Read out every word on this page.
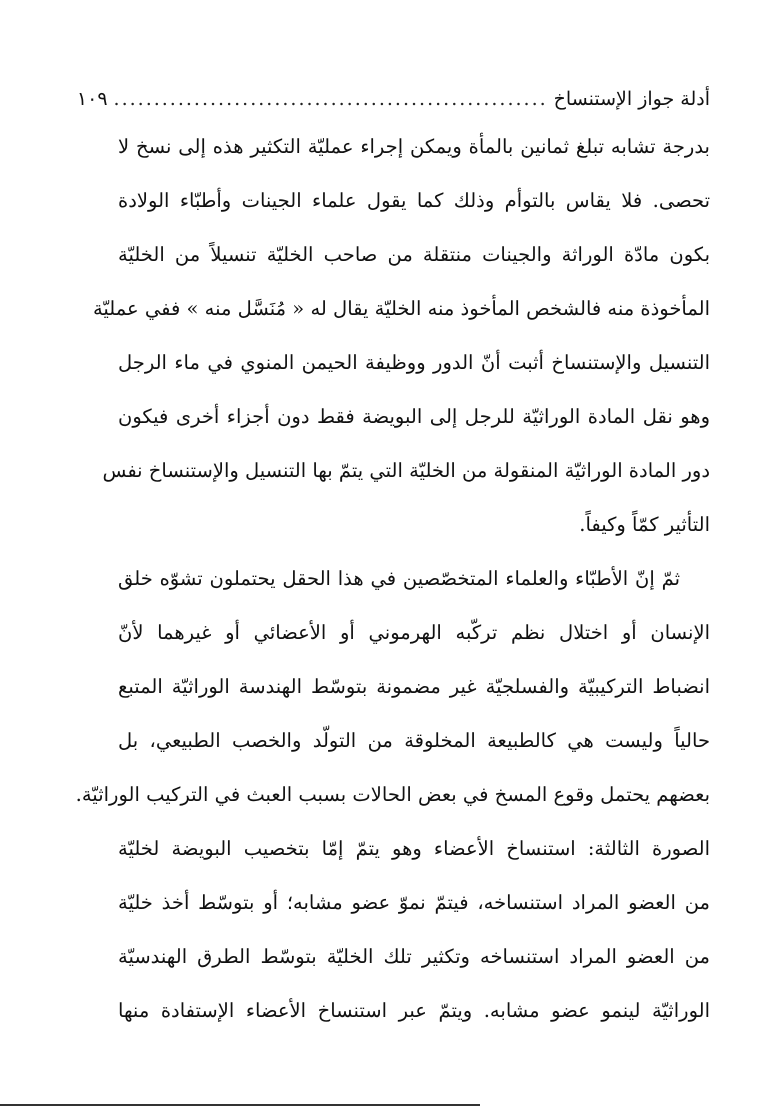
أدلة جواز الإستنساخ
......................................................
١٠٩
بدرجة تشابه تبلغ ثمانين بالمأة ويمكن إجراء عمليّة التكثير هذه إلى نسخ لا
تحصى. فلا يقاس بالتوأم وذلك كما يقول علماء الجينات وأطبّاء الولادة
بكون مادّة الوراثة والجينات منتقلة من صاحب الخليّة تنسيلاً من الخليّة
المأخوذة منه فالشخص المأخوذ منه الخليّة يقال له « مُنَسَّل منه » ففي عمليّة
التنسيل والإستنساخ أثبت أنّ الدور ووظيفة الحيمن المنوي في ماء الرجل
وهو نقل المادة الوراثيّة للرجل إلى البويضة فقط دون أجزاء أخرى فيكون
دور المادة الوراثيّة المنقولة من الخليّة التي يتمّ بها التنسيل والإستنساخ نفس
التأثير كمّاً وكيفاً.
ثمّ إنّ الأطبّاء والعلماء المتخصّصين في هذا الحقل يحتملون تشوّه خلق
الإنسان أو اختلال نظم تركّبه الهرموني أو الأعضائي أو غيرهما لأنّ
انضباط التركيبيّة والفسلجيّة غير مضمونة بتوسّط الهندسة الوراثيّة المتبع
حالياً وليست هي كالطبيعة المخلوقة من التولّد والخصب الطبيعي، بل
بعضهم يحتمل وقوع المسخ في بعض الحالات بسبب العبث في التركيب الوراثيّة.
الصورة الثالثة: استنساخ الأعضاء وهو يتمّ إمّا بتخصيب البويضة لخليّة
من العضو المراد استنساخه، فيتمّ نموّ عضو مشابه؛ أو بتوسّط أخذ خليّة
من العضو المراد استنساخه وتكثير تلك الخليّة بتوسّط الطرق الهندسيّة
الوراثيّة لينمو عضو مشابه. ويتمّ عبر استنساخ الأعضاء الإستفادة منها
